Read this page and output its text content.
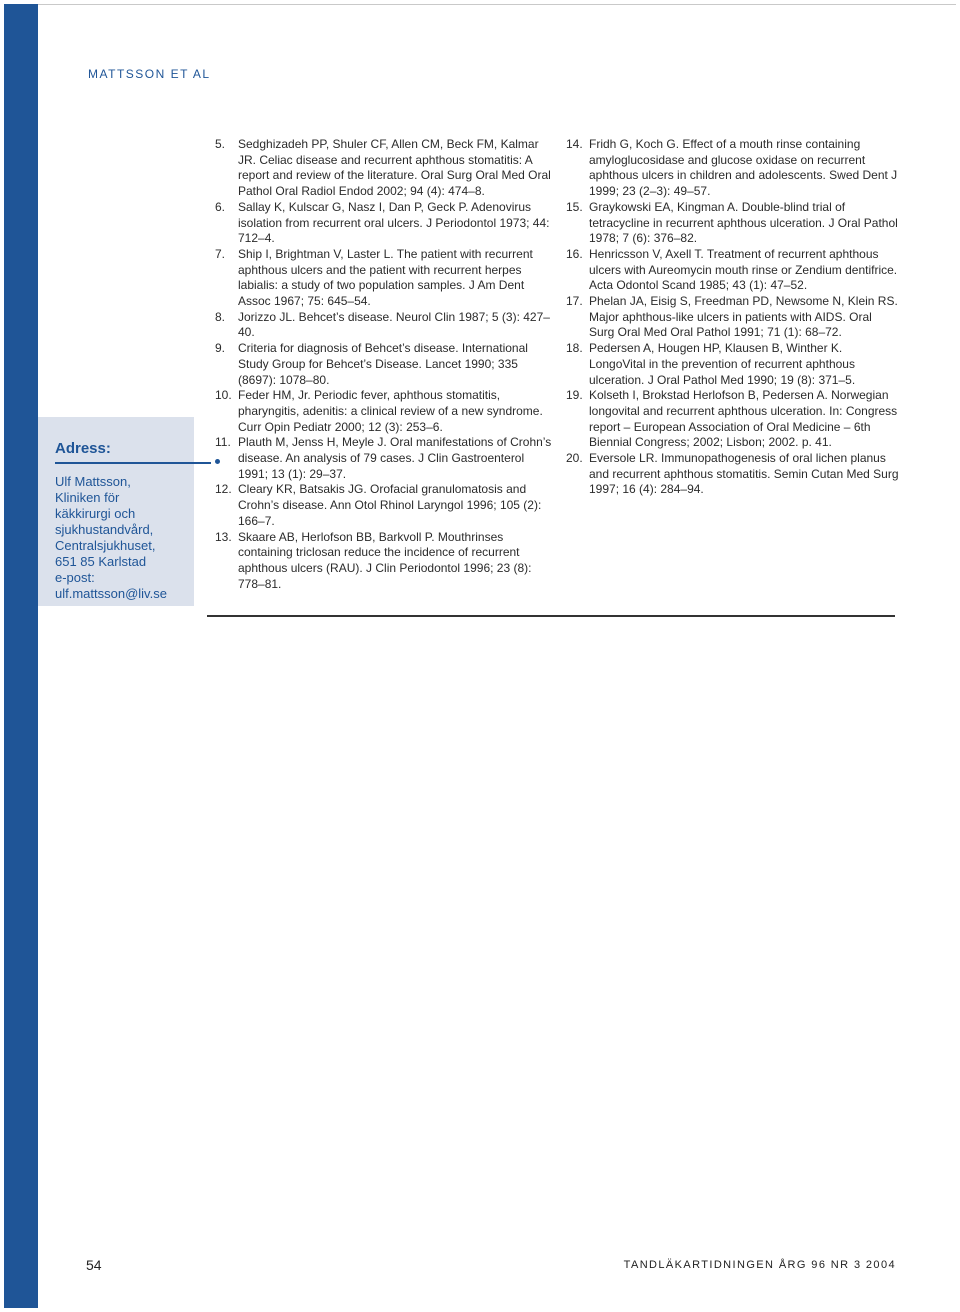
MATTSSON ET AL
Adress:
Ulf Mattsson,
Kliniken för
käkkirurgi och
sjukhustandvård,
Centralsjukhuset,
651 85 Karlstad
e-post:
ulf.mattsson@liv.se
5. Sedghizadeh PP, Shuler CF, Allen CM, Beck FM, Kalmar JR. Celiac disease and recurrent aphthous stomatitis: A report and review of the literature. Oral Surg Oral Med Oral Pathol Oral Radiol Endod 2002; 94 (4): 474–8.
6. Sallay K, Kulscar G, Nasz I, Dan P, Geck P. Adenovirus isolation from recurrent oral ulcers. J Periodontol 1973; 44: 712–4.
7. Ship I, Brightman V, Laster L. The patient with recurrent aphthous ulcers and the patient with recurrent herpes labialis: a study of two population samples. J Am Dent Assoc 1967; 75: 645–54.
8. Jorizzo JL. Behcet’s disease. Neurol Clin 1987; 5 (3): 427–40.
9. Criteria for diagnosis of Behcet’s disease. International Study Group for Behcet’s Disease. Lancet 1990; 335 (8697): 1078–80.
10. Feder HM, Jr. Periodic fever, aphthous stomatitis, pharyngitis, adenitis: a clinical review of a new syndrome. Curr Opin Pediatr 2000; 12 (3): 253–6.
11. Plauth M, Jenss H, Meyle J. Oral manifestations of Crohn’s disease. An analysis of 79 cases. J Clin Gastroenterol 1991; 13 (1): 29–37.
12. Cleary KR, Batsakis JG. Orofacial granulomatosis and Crohn’s disease. Ann Otol Rhinol Laryngol 1996; 105 (2): 166–7.
13. Skaare AB, Herlofson BB, Barkvoll P. Mouthrinses containing triclosan reduce the incidence of recurrent aphthous ulcers (RAU). J Clin Periodontol 1996; 23 (8): 778–81.
14. Fridh G, Koch G. Effect of a mouth rinse containing amyloglucosidase and glucose oxidase on recurrent aphthous ulcers in children and adolescents. Swed Dent J 1999; 23 (2–3): 49–57.
15. Graykowski EA, Kingman A. Double-blind trial of tetracycline in recurrent aphthous ulceration. J Oral Pathol 1978; 7 (6): 376–82.
16. Henricsson V, Axell T. Treatment of recurrent aphthous ulcers with Aureomycin mouth rinse or Zendium dentifrice. Acta Odontol Scand 1985; 43 (1): 47–52.
17. Phelan JA, Eisig S, Freedman PD, Newsome N, Klein RS. Major aphthous-like ulcers in patients with AIDS. Oral Surg Oral Med Oral Pathol 1991; 71 (1): 68–72.
18. Pedersen A, Hougen HP, Klausen B, Winther K. LongoVital in the prevention of recurrent aphthous ulceration. J Oral Pathol Med 1990; 19 (8): 371–5.
19. Kolseth I, Brokstad Herlofson B, Pedersen A. Norwegian longovital and recurrent aphthous ulceration. In: Congress report – European Association of Oral Medicine – 6th Biennial Congress; 2002; Lisbon; 2002. p. 41.
20. Eversole LR. Immunopathogenesis of oral lichen planus and recurrent aphthous stomatitis. Semin Cutan Med Surg 1997; 16 (4): 284–94.
54	TANDLÄKARTIDNINGEN ÅRG 96 NR 3 2004
